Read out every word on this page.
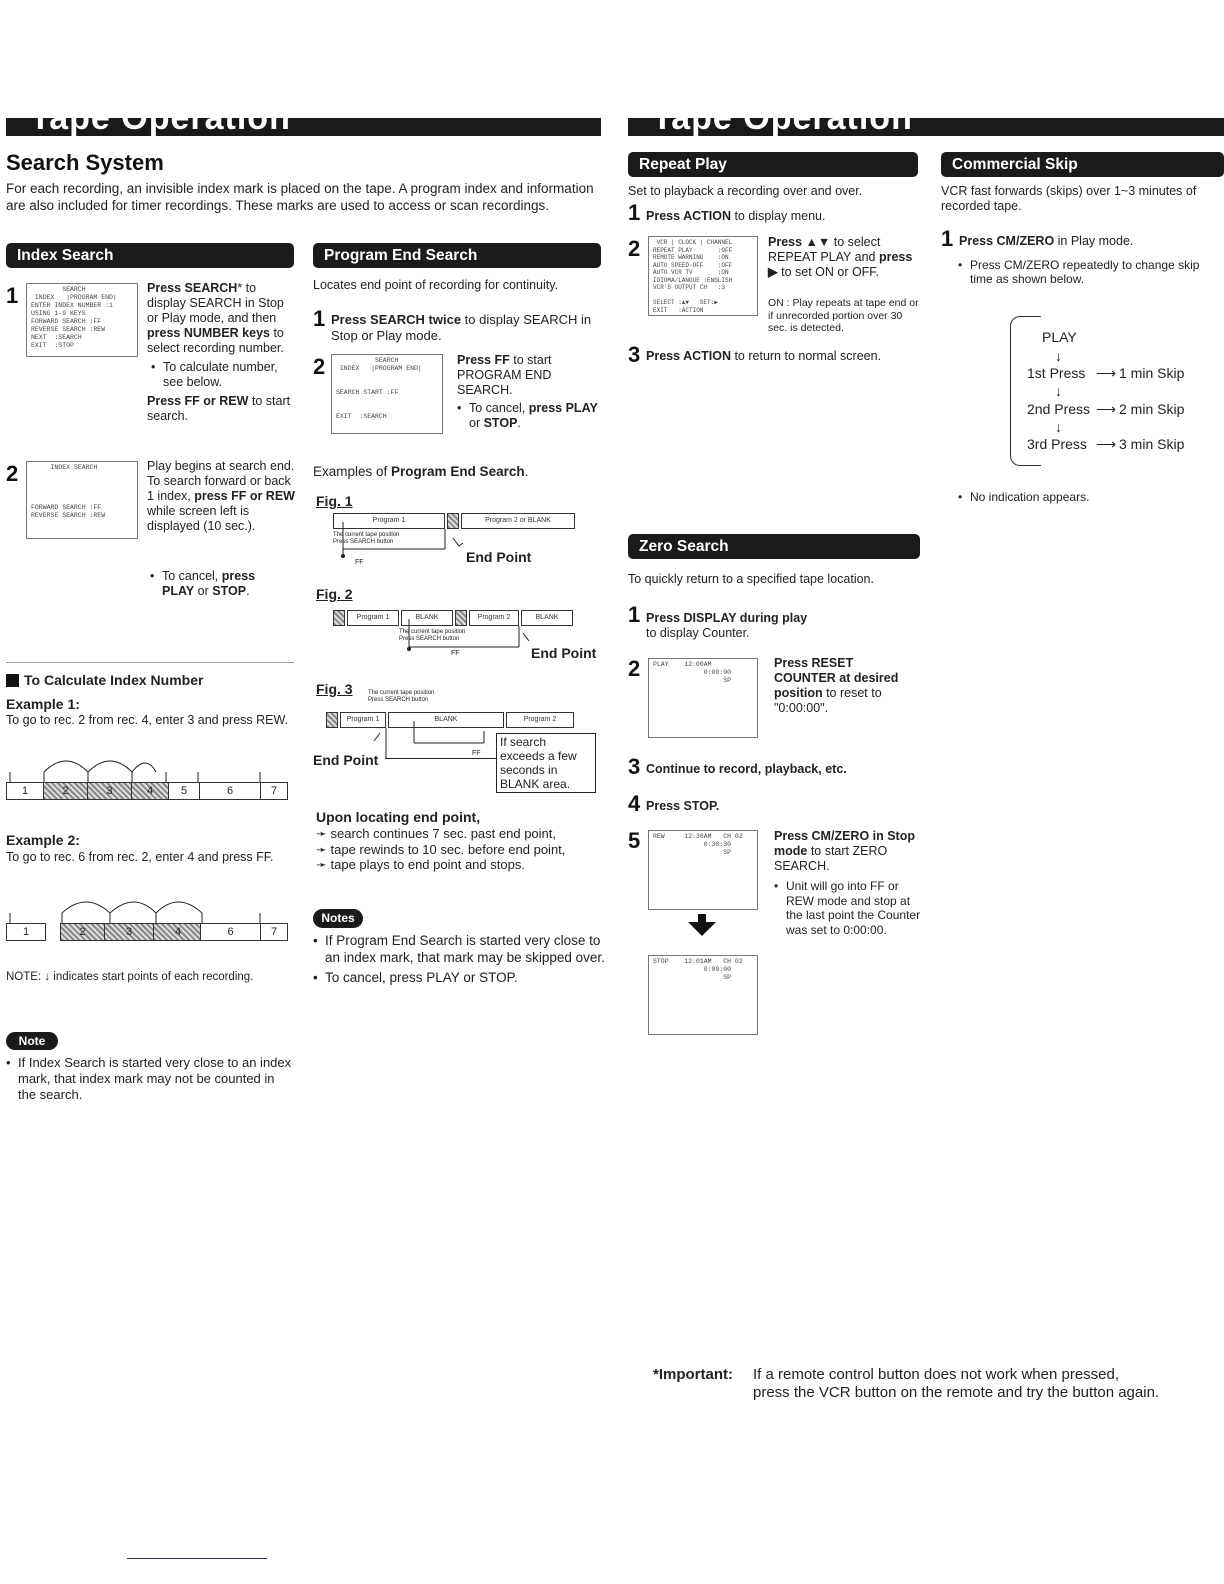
Tape Operation	Tape Operation
Search System
For each recording, an invisible index mark is placed on the tape. A program index and information are also included for timer recordings. These marks are used to access or scan recordings.
Index Search
1	SEARCH
INDEX   |PROGRAM END|
ENTER INDEX NUMBER :1
USING 1-9 KEYS
FORWARD SEARCH :FF
REVERSE SEARCH :REW
NEXT  :SEARCH
EXIT  :STOP
Press SEARCH* to display SEARCH in Stop or Play mode, and then press NUMBER keys to select recording number.
• To calculate number, see below.
Press FF or REW to start search.
2	INDEX SEARCH

FORWARD SEARCH :FF
REVERSE SEARCH :REW
Play begins at search end. To search forward or back 1 index, press FF or REW while screen left is displayed (10 sec.).
• To cancel, press PLAY or STOP.
To Calculate Index Number
Example 1:
To go to rec. 2 from rec. 4, enter 3 and press REW.
1	2	3	4	5	6	7
Example 2:
To go to rec. 6 from rec. 2, enter 4 and press FF.
1	2	3	4	6	7
NOTE: ↓ indicates start points of each recording.
Note
• If Index Search is started very close to an index mark, that index mark may not be counted in the search.
Program End Search
Locates end point of recording for continuity.
1 Press SEARCH twice to display SEARCH in Stop or Play mode.
2	SEARCH
INDEX   |PROGRAM END|

SEARCH START :FF

EXIT  :SEARCH
Press FF to start PROGRAM END SEARCH.
• To cancel, press PLAY or STOP.
Examples of Program End Search.
Fig. 1
Program 1	Program 2 or BLANK
The current tape position
Press SEARCH button
FF	End Point
Fig. 2
Program 1	BLANK	Program 2	BLANK
The current tape position
Press SEARCH button
FF	End Point
Fig. 3	The current tape position
Press SEARCH button
Program 1	BLANK	Program 2
FF
End Point
If search exceeds a few seconds in BLANK area.
Upon locating end point,
➛ search continues 7 sec. past end point,
➛ tape rewinds to 10 sec. before end point,
➛ tape plays to end point and stops.
Notes
• If Program End Search is started very close to an index mark, that mark may be skipped over.
• To cancel, press PLAY or STOP.
Repeat Play
Set to playback a recording over and over.
1 Press ACTION to display menu.
2	VCR | CLOCK | CHANNEL
REPEAT PLAY       :OFF
REMOTE WARNING    :ON
AUTO SPEED-OFF    :OFF
AUTO VCR TV       :ON
IDIOMA/LANGUE :ENGLISH
VCR'S OUTPUT CH   :3

SELECT :▲▼   SET:▶
EXIT   :ACTION
Press ▲▼ to select REPEAT PLAY and press ▶ to set ON or OFF.
ON : Play repeats at tape end or if unrecorded portion over 30 sec. is detected.
3 Press ACTION to return to normal screen.
Zero Search
To quickly return to a specified tape location.
1 Press DISPLAY during play
to display Counter.
2	PLAY    12:00AM
0:00:00
SP
Press RESET COUNTER at desired position to reset to "0:00:00".
3 Continue to record, playback, etc.
4 Press STOP.
5	REW     12:30AM   CH 02
0:30:30
SP
STOP    12:01AM   CH 02
0:00:00
SP
Press CM/ZERO in Stop mode to start ZERO SEARCH.
• Unit will go into FF or REW mode and stop at the last point the Counter was set to 0:00:00.
Commercial Skip
VCR fast forwards (skips) over 1~3 minutes of recorded tape.
1 Press CM/ZERO in Play mode.
• Press CM/ZERO repeatedly to change skip time as shown below.
PLAY
↓
1st Press ⟶ 1 min Skip
↓
2nd Press ⟶ 2 min Skip
↓
3rd Press ⟶ 3 min Skip
• No indication appears.
*Important: If a remote control button does not work when pressed,
press the VCR button on the remote and try the button again.
